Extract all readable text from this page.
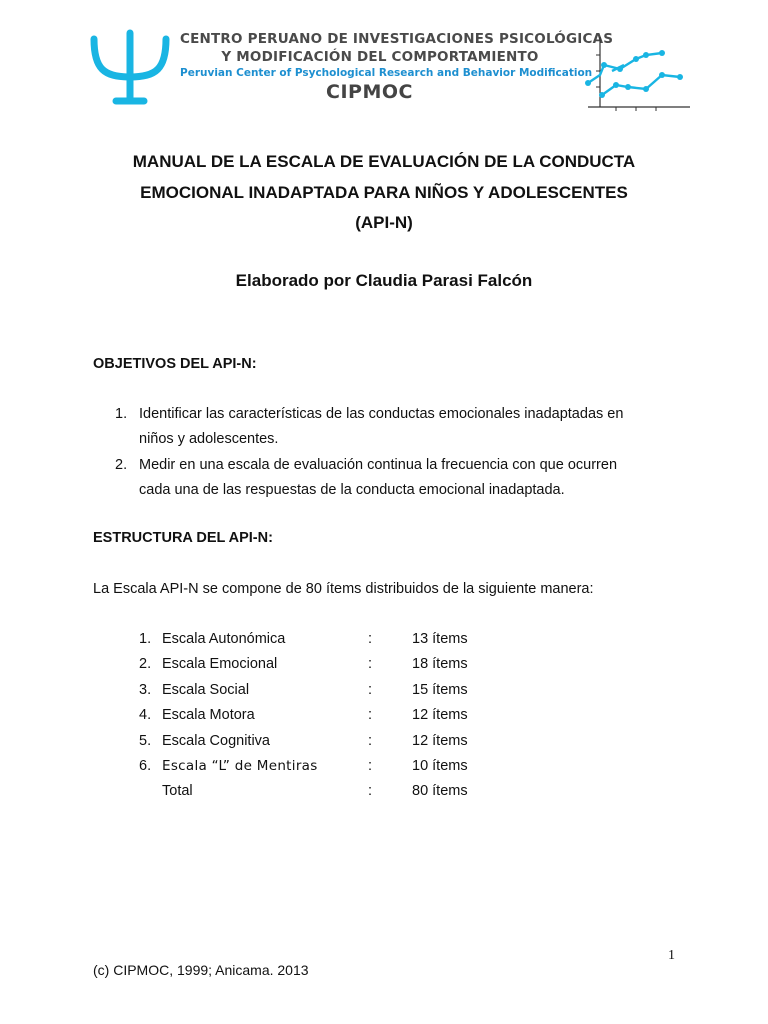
CENTRO PERUANO DE INVESTIGACIONES PSICOLÓGICAS
Y MODIFICACIÓN DEL COMPORTAMIENTO
Peruvian Center of Psychological Research and Behavior Modification
CIPMOC
MANUAL DE LA ESCALA DE EVALUACIÓN DE LA CONDUCTA
EMOCIONAL INADAPTADA PARA NIÑOS Y ADOLESCENTES
(API-N)
Elaborado por Claudia Parasi Falcón
OBJETIVOS DEL API-N:
1. Identificar las características de las conductas emocionales inadaptadas en
niños y adolescentes.
2. Medir en una escala de evaluación continua la frecuencia con que ocurren
cada una de las respuestas de la conducta emocional inadaptada.
ESTRUCTURA DEL API-N:
La Escala API-N se compone de 80 ítems distribuidos de la siguiente manera:
1. Escala Autonómica	:	13 ítems
2. Escala Emocional	:	18 ítems
3. Escala Social	:	15 ítems
4. Escala Motora	:	12 ítems
5. Escala Cognitiva	:	12 ítems
6. Escala “L” de Mentiras	:	10 ítems
Total	:	80 ítems
1
(c) CIPMOC, 1999; Anicama. 2013
